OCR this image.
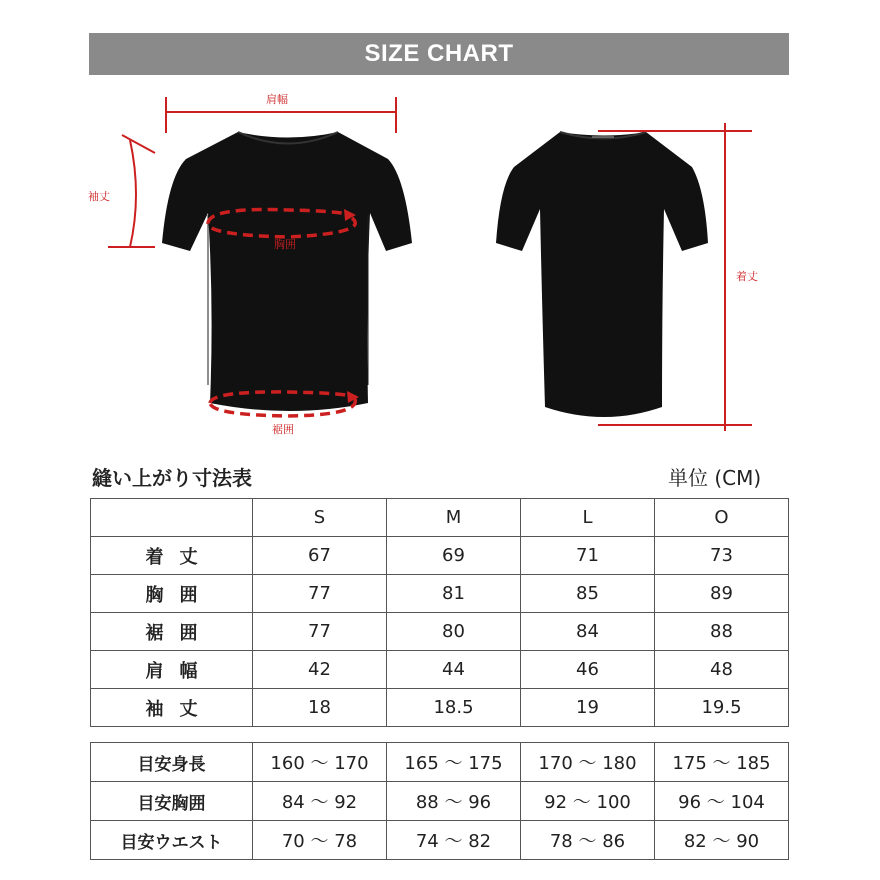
SIZE CHART
肩幅
袖丈
胸囲
裾囲
着丈
縫い上がり寸法表	単位 (CM)
	S	M	L	O
着丈	67	69	71	73
胸囲	77	81	85	89
裾囲	77	80	84	88
肩幅	42	44	46	48
袖丈	18	18.5	19	19.5
目安身長	160 〜 170	165 〜 175	170 〜 180	175 〜 185
目安胸囲	84 〜 92	88 〜 96	92 〜 100	96 〜 104
目安ウエスト	70 〜 78	74 〜 82	78 〜 86	82 〜 90
